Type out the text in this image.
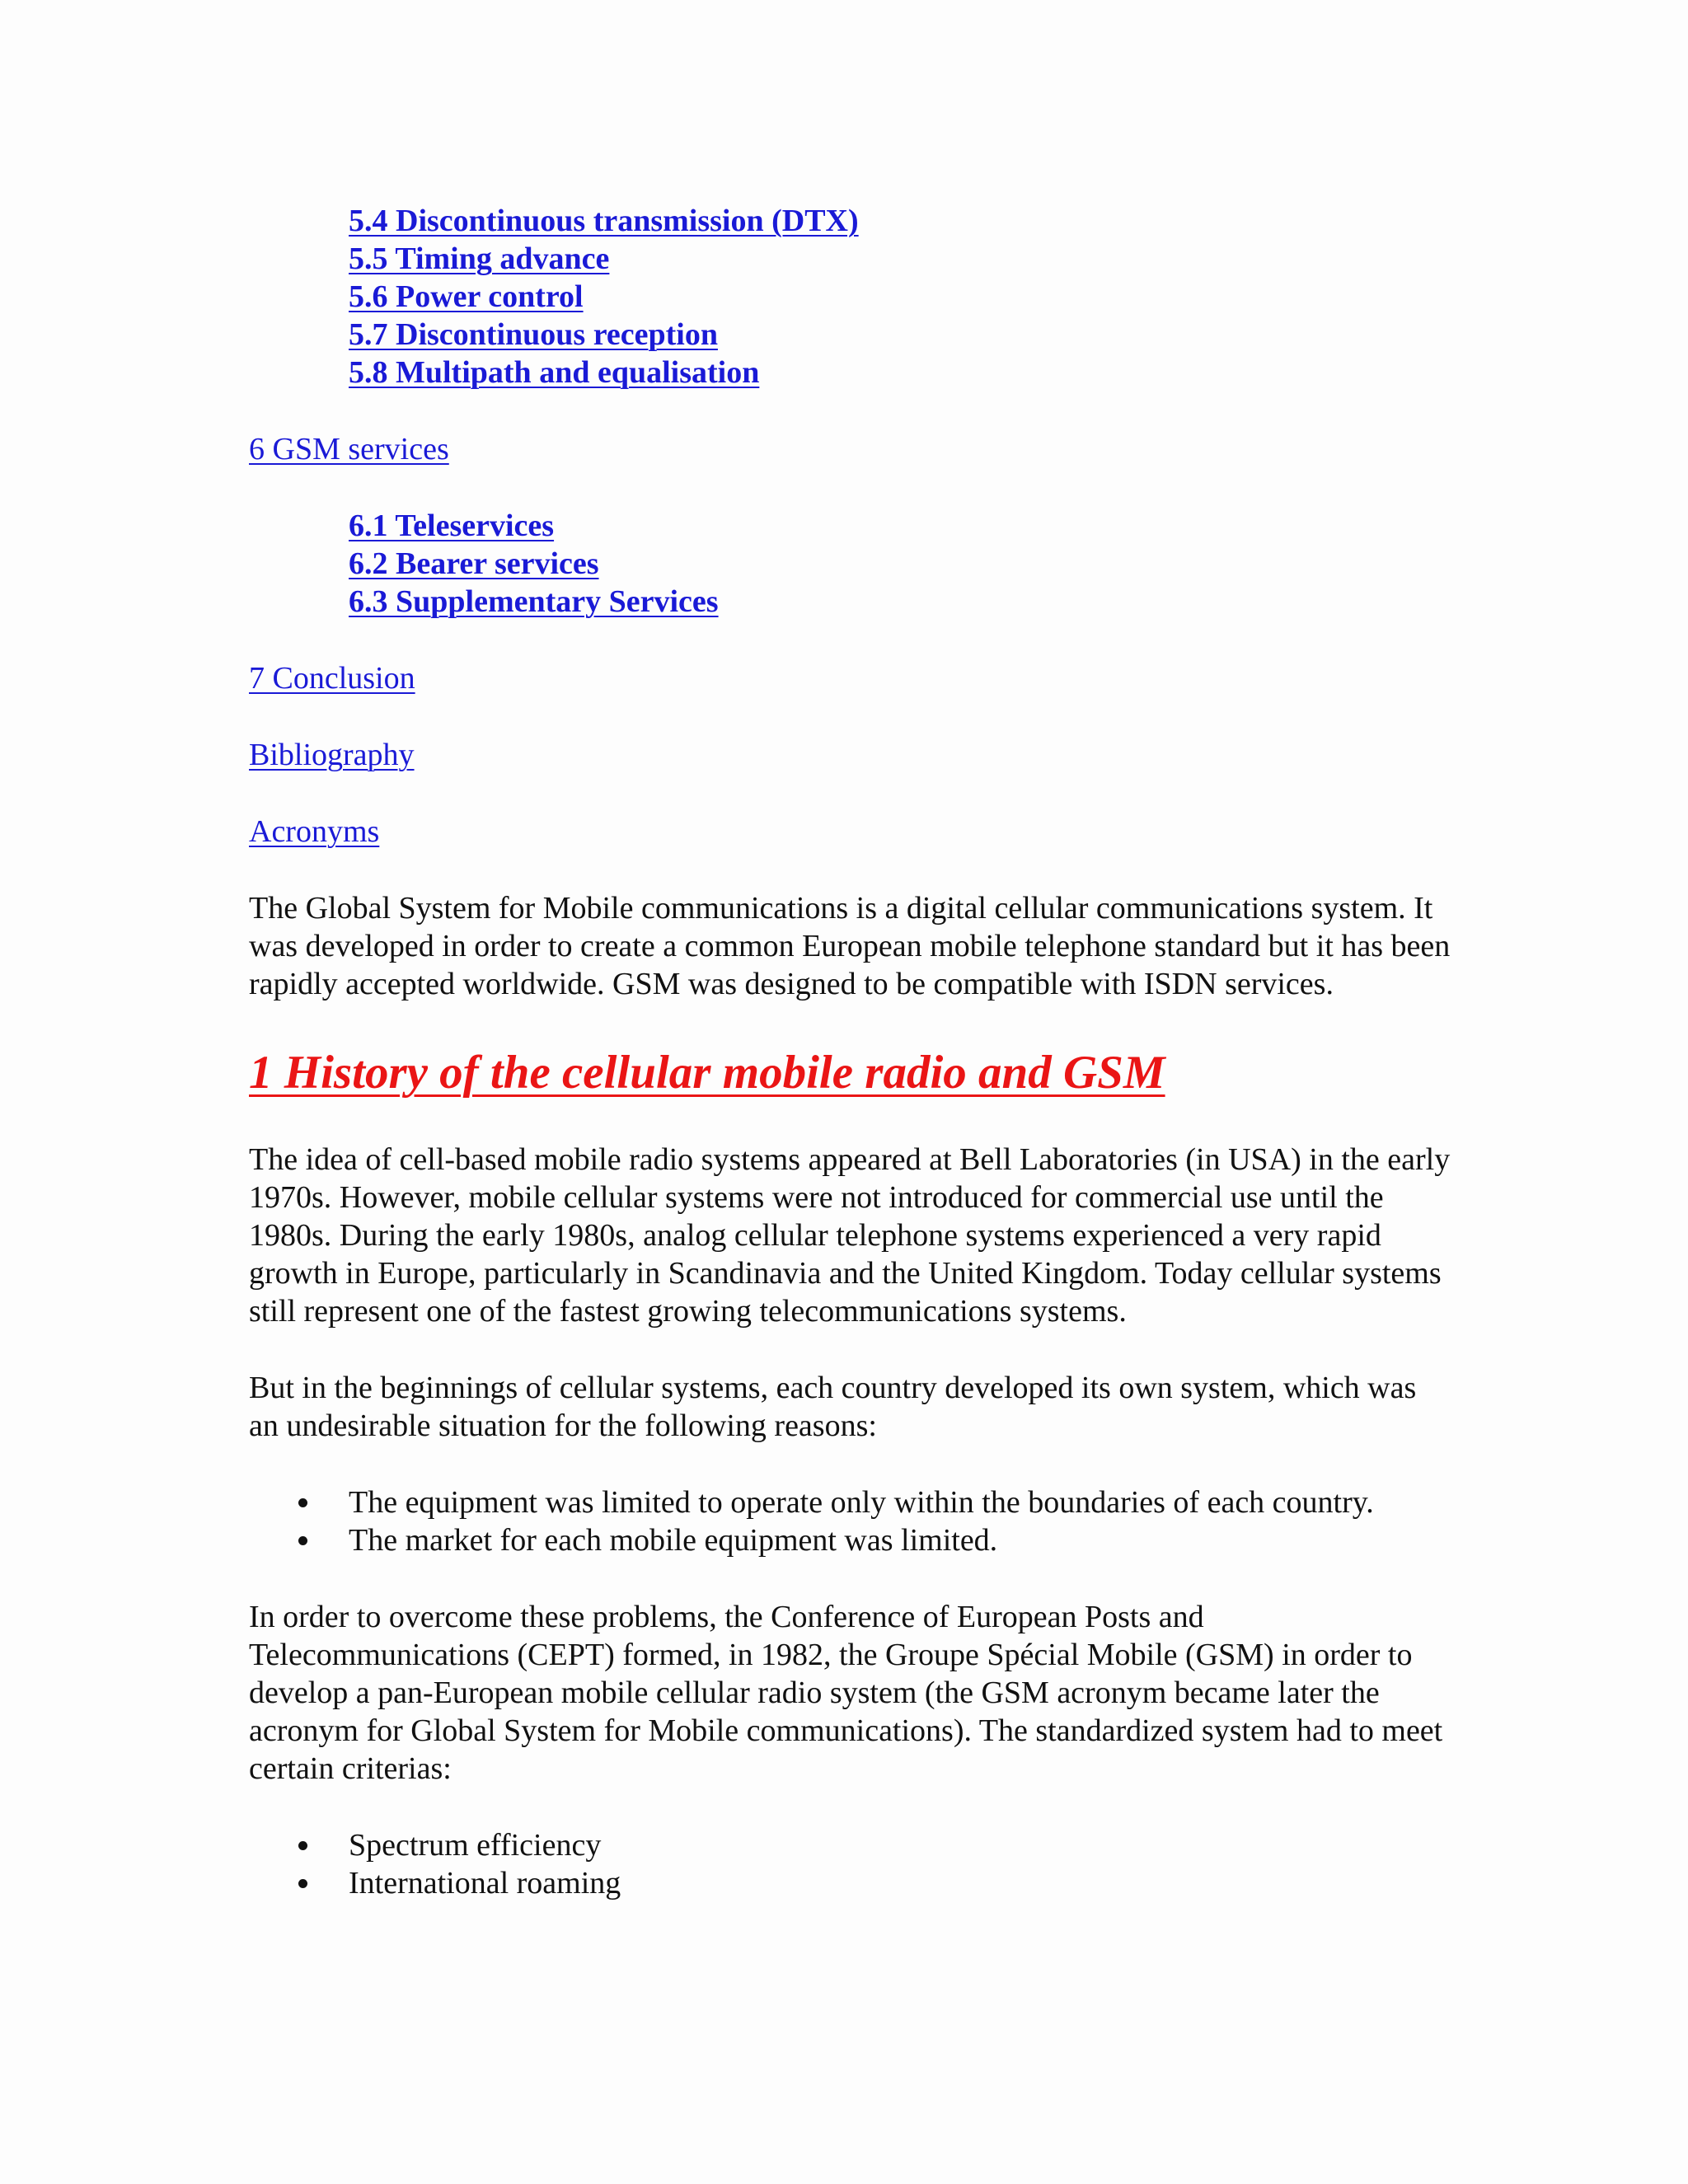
5.4 Discontinuous transmission (DTX)
5.5 Timing advance
5.6 Power control
5.7 Discontinuous reception
5.8 Multipath and equalisation

6 GSM services

6.1 Teleservices
6.2 Bearer services
6.3 Supplementary Services

7 Conclusion

Bibliography

Acronyms

The Global System for Mobile communications is a digital cellular communications system. It was developed in order to create a common European mobile telephone standard but it has been rapidly accepted worldwide. GSM was designed to be compatible with ISDN services.

1 History of the cellular mobile radio and GSM

The idea of cell-based mobile radio systems appeared at Bell Laboratories (in USA) in the early 1970s. However, mobile cellular systems were not introduced for commercial use until the 1980s. During the early 1980s, analog cellular telephone systems experienced a very rapid growth in Europe, particularly in Scandinavia and the United Kingdom. Today cellular systems still represent one of the fastest growing telecommunications systems.

But in the beginnings of cellular systems, each country developed its own system, which was an undesirable situation for the following reasons:

The equipment was limited to operate only within the boundaries of each country.
The market for each mobile equipment was limited.

In order to overcome these problems, the Conference of European Posts and Telecommunications (CEPT) formed, in 1982, the Groupe Spécial Mobile (GSM) in order to develop a pan-European mobile cellular radio system (the GSM acronym became later the acronym for Global System for Mobile communications). The standardized system had to meet certain criterias:

Spectrum efficiency
International roaming
